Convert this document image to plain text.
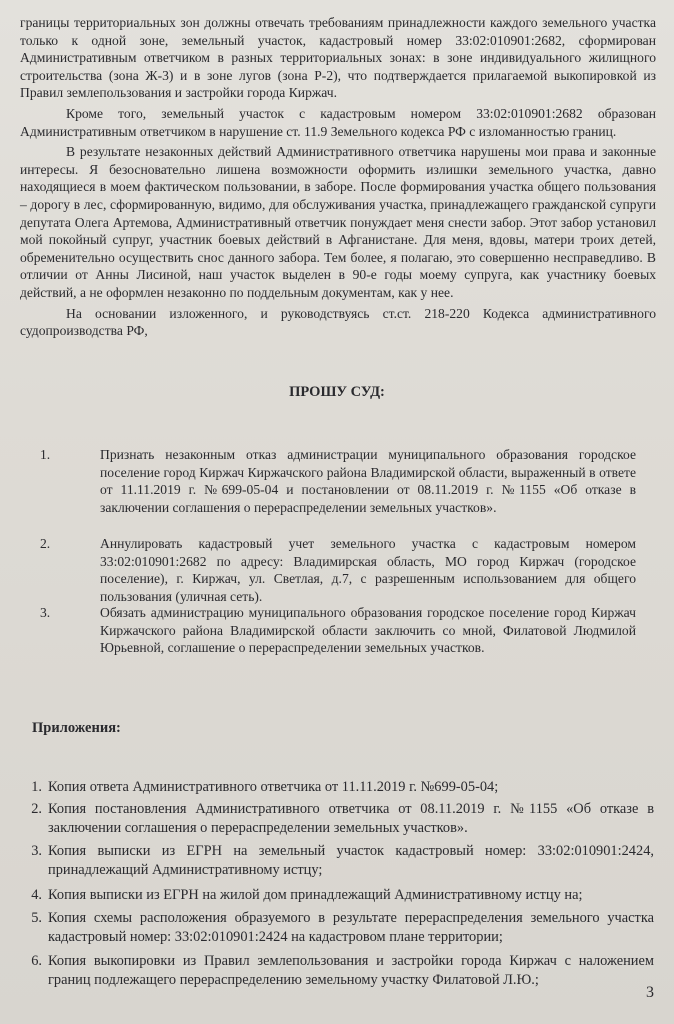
границы территориальных зон должны отвечать требованиям принадлежности каждого земельного участка только к одной зоне, земельный участок, кадастровый номер 33:02:010901:2682, сформирован Административным ответчиком в разных территориальных зонах: в зоне индивидуального жилищного строительства (зона Ж-3) и в зоне лугов (зона Р-2), что подтверждается прилагаемой выкопировкой из Правил землепользования и застройки города Киржач.

Кроме того, земельный участок с кадастровым номером 33:02:010901:2682 образован Административным ответчиком в нарушение ст. 11.9 Земельного кодекса РФ с изломанностью границ.

В результате незаконных действий Административного ответчика нарушены мои права и законные интересы. Я безосновательно лишена возможности оформить излишки земельного участка, давно находящиеся в моем фактическом пользовании, в заборе. После формирования участка общего пользования – дорогу в лес, сформированную, видимо, для обслуживания участка, принадлежащего гражданской супруги депутата Олега Артемова, Административный ответчик понуждает меня снести забор. Этот забор установил мой покойный супруг, участник боевых действий в Афганистане. Для меня, вдовы, матери троих детей, обременительно осуществить снос данного забора. Тем более, я полагаю, это совершенно несправедливо. В отличии от Анны Лисиной, наш участок выделен в 90-е годы моему супруга, как участнику боевых действий, а не оформлен незаконно по поддельным документам, как у нее.

На основании изложенного, и руководствуясь ст.ст. 218-220 Кодекса административного судопроизводства РФ,

ПРОШУ СУД:
1.	Признать незаконным отказ администрации муниципального образования городское поселение город Киржач Киржачского района Владимирской области, выраженный в ответе от 11.11.2019 г. №699-05-04 и постановлении от 08.11.2019 г. №1155 «Об отказе в заключении соглашения о перераспределении земельных участков».
2.	Аннулировать кадастровый учет земельного участка с кадастровым номером 33:02:010901:2682 по адресу: Владимирская область, МО город Киржач (городское поселение), г. Киржач, ул. Светлая, д.7, с разрешенным использованием для общего пользования (уличная сеть).
3.	Обязать администрацию муниципального образования городское поселение город Киржач Киржачского района Владимирской области заключить со мной, Филатовой Людмилой Юрьевной, соглашение о перераспределении земельных участков.
Приложения:
1. Копия ответа Административного ответчика от 11.11.2019 г. №699-05-04;
2. Копия постановления Административного ответчика от 08.11.2019 г. №1155 «Об отказе в заключении соглашения о перераспределении земельных участков».
3. Копия выписки из ЕГРН на земельный участок кадастровый номер: 33:02:010901:2424, принадлежащий Административному истцу;
4. Копия выписки из ЕГРН на жилой дом принадлежащий Административному истцу на;
5. Копия схемы расположения образуемого в результате перераспределения земельного участка кадастровый номер: 33:02:010901:2424 на кадастровом плане территории;
6. Копия выкопировки из Правил землепользования и застройки города Киржач с наложением границ подлежащего перераспределению земельному участку Филатовой Л.Ю.;
3
